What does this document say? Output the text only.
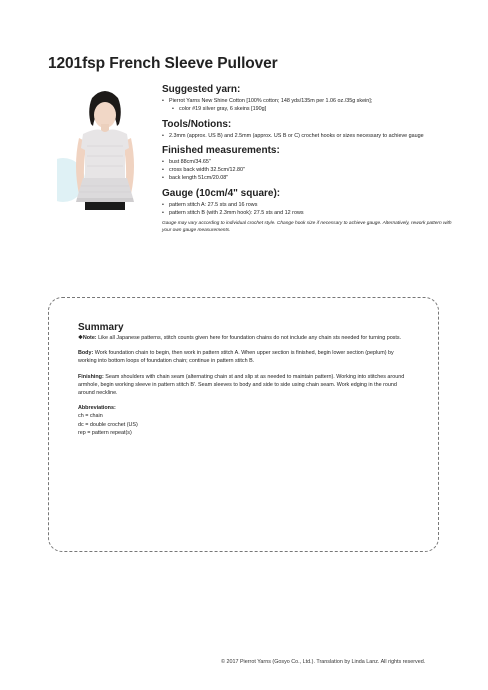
1201fsp French Sleeve Pullover
Suggested yarn:
• Pierrot Yarns New Shine Cotton [100% cotton; 148 yds/135m per 1.06 oz./35g skein];
• color #19 silver gray, 6 skeins [190g]
Tools/Notions:
• 2.3mm (approx. US B) and 2.5mm (approx. US B or C) crochet hooks or sizes necessary to achieve gauge
Finished measurements:
• bust 88cm/34.65"
• cross back width 32.5cm/12.80"
• back length 51cm/20.08"
Gauge (10cm/4" square):
• pattern stitch A: 27.5 sts and 16 rows
• pattern stitch B (with 2.3mm hook): 27.5 sts and 12 rows
Gauge may vary according to individual crochet style. Change hook size if necessary to achieve gauge. Alternatively, rework pattern with your own gauge measurements.
Summary

❖Note: Like all Japanese patterns, stitch counts given here for foundation chains do not include any chain sts needed for turning posts.

Body: Work foundation chain to begin, then work in pattern stitch A. When upper section is finished, begin lower section (peplum) by working into bottom loops of foundation chain; continue in pattern stitch B.

Finishing: Seam shoulders with chain seam (alternating chain st and slip st as needed to maintain pattern). Working into stitches around armhole, begin working sleeve in pattern stitch B'. Seam sleeves to body and side to side using chain seam. Work edging in the round around neckline.

Abbreviations:
ch = chain
dc = double crochet (US)
rep = pattern repeat(s)
© 2017 Pierrot Yarns (Gosyo Co., Ltd.). Translation by Linda Lanz. All rights reserved.
